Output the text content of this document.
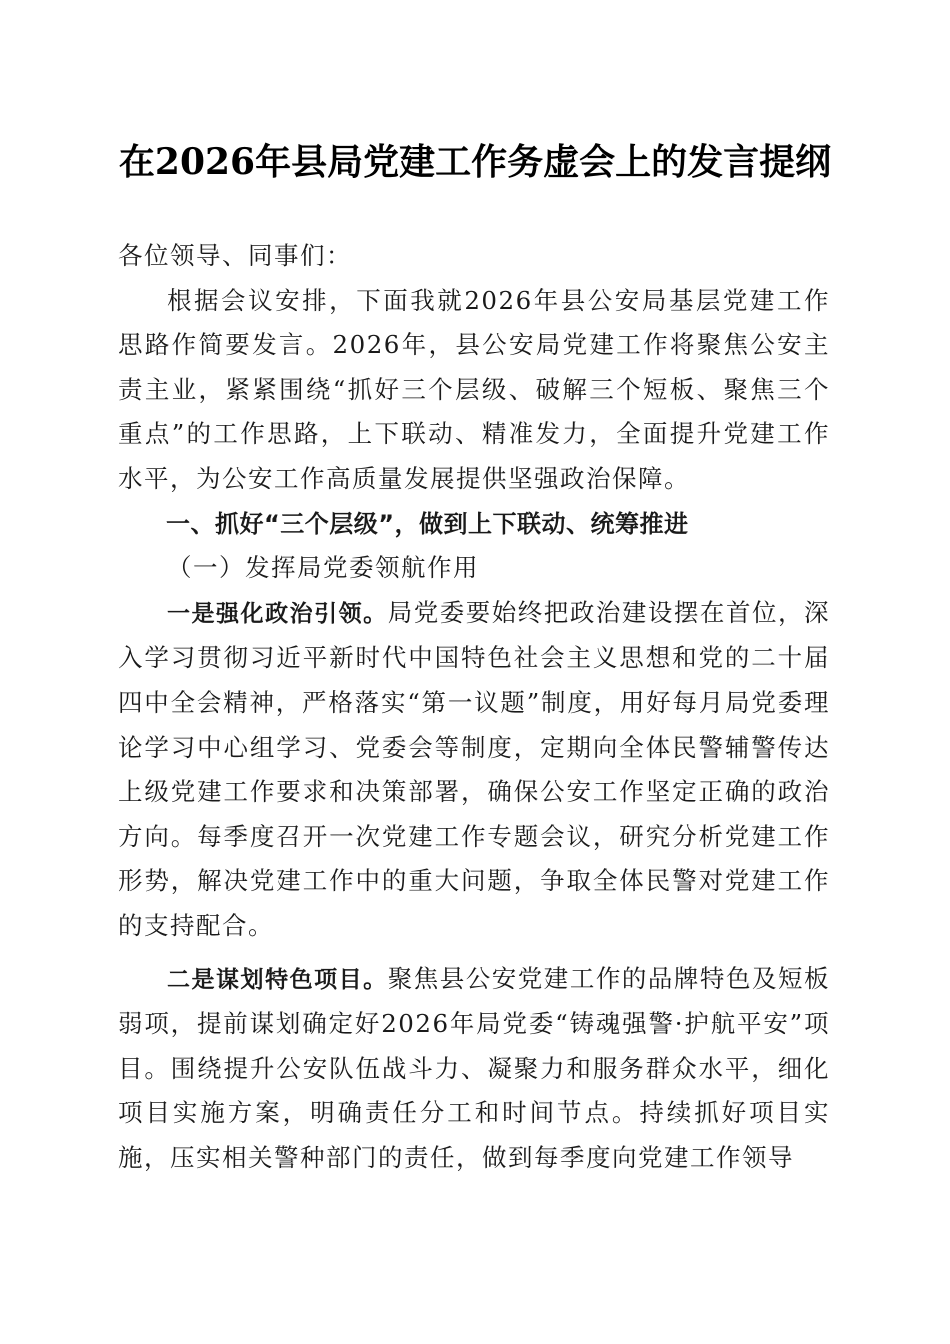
在2026年县局党建工作务虚会上的发言提纲

各位领导、同事们：

根据会议安排，下面我就2026年县公安局基层党建工作思路作简要发言。2026年，县公安局党建工作将聚焦公安主责主业，紧紧围绕“抓好三个层级、破解三个短板、聚焦三个重点”的工作思路，上下联动、精准发力，全面提升党建工作水平，为公安工作高质量发展提供坚强政治保障。

一、抓好“三个层级”，做到上下联动、统筹推进

（一）发挥局党委领航作用

一是强化政治引领。局党委要始终把政治建设摆在首位，深入学习贯彻习近平新时代中国特色社会主义思想和党的二十届四中全会精神，严格落实“第一议题”制度，用好每月局党委理论学习中心组学习、党委会等制度，定期向全体民警辅警传达上级党建工作要求和决策部署，确保公安工作坚定正确的政治方向。每季度召开一次党建工作专题会议，研究分析党建工作形势，解决党建工作中的重大问题，争取全体民警对党建工作的支持配合。

二是谋划特色项目。聚焦县公安党建工作的品牌特色及短板弱项，提前谋划确定好2026年局党委“铸魂强警·护航平安”项目。围绕提升公安队伍战斗力、凝聚力和服务群众水平，细化项目实施方案，明确责任分工和时间节点。持续抓好项目实施，压实相关警种部门的责任，做到每季度向党建工作领导
